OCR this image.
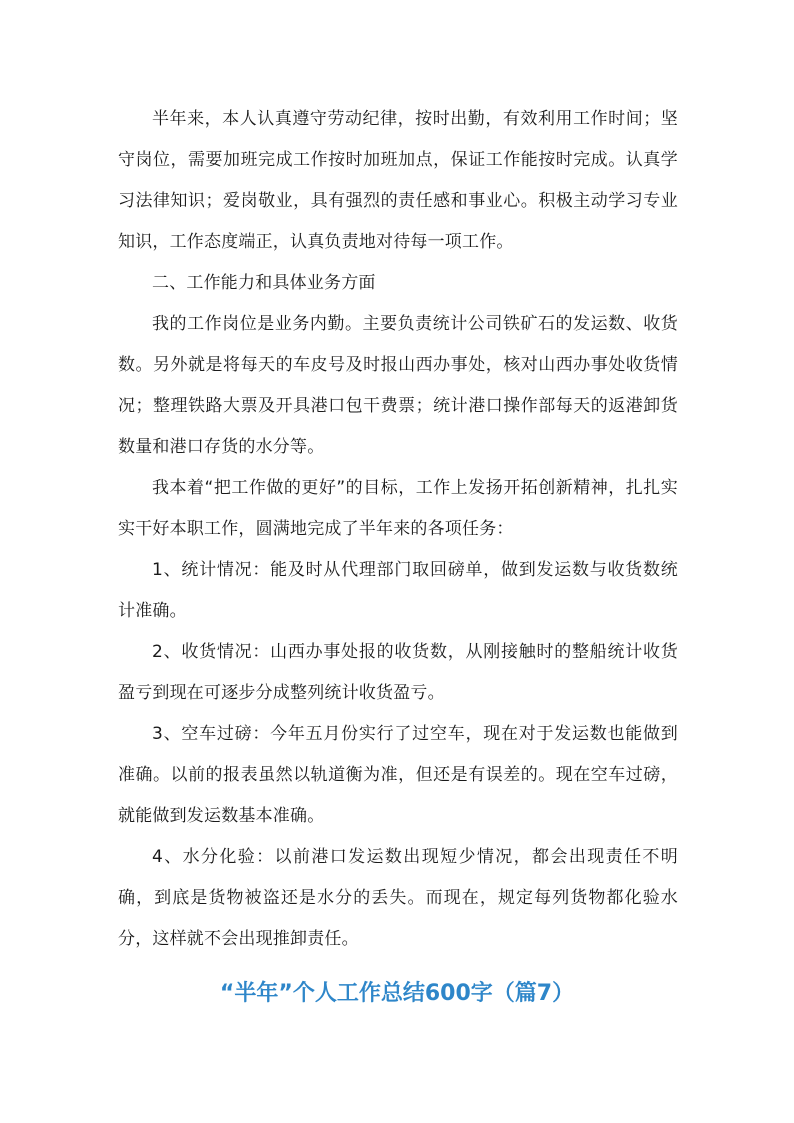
半年来，本人认真遵守劳动纪律，按时出勤，有效利用工作时间；坚守岗位，需要加班完成工作按时加班加点，保证工作能按时完成。认真学习法律知识；爱岗敬业，具有强烈的责任感和事业心。积极主动学习专业知识，工作态度端正，认真负责地对待每一项工作。

二、工作能力和具体业务方面

我的工作岗位是业务内勤。主要负责统计公司铁矿石的发运数、收货数。另外就是将每天的车皮号及时报山西办事处，核对山西办事处收货情况；整理铁路大票及开具港口包干费票；统计港口操作部每天的返港卸货数量和港口存货的水分等。

我本着“把工作做的更好”的目标，工作上发扬开拓创新精神，扎扎实实干好本职工作，圆满地完成了半年来的各项任务：

1、统计情况：能及时从代理部门取回磅单，做到发运数与收货数统计准确。

2、收货情况：山西办事处报的收货数，从刚接触时的整船统计收货盈亏到现在可逐步分成整列统计收货盈亏。

3、空车过磅：今年五月份实行了过空车，现在对于发运数也能做到准确。以前的报表虽然以轨道衡为准，但还是有误差的。现在空车过磅，就能做到发运数基本准确。

4、水分化验：以前港口发运数出现短少情况，都会出现责任不明确，到底是货物被盗还是水分的丢失。而现在，规定每列货物都化验水分，这样就不会出现推卸责任。

“半年”个人工作总结600字（篇7）
